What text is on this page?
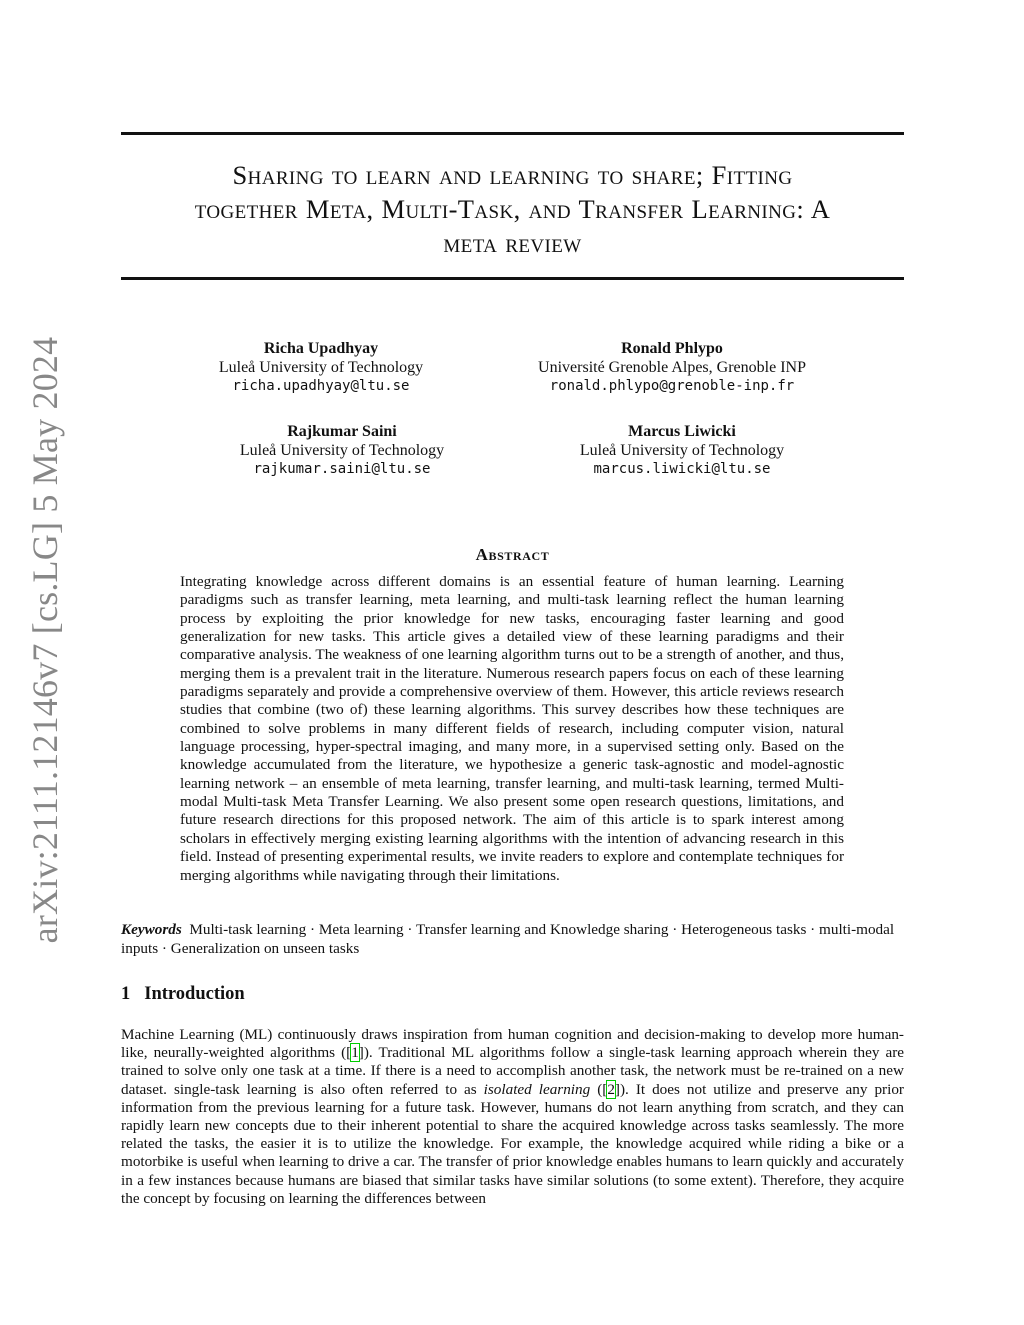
arXiv:2111.12146v7 [cs.LG] 5 May 2024
Sharing to learn and learning to share; Fitting
together Meta, Multi-Task, and Transfer Learning: A
meta review
Richa Upadhyay
Luleå University of Technology
richa.upadhyay@ltu.se
Ronald Phlypo
Université Grenoble Alpes, Grenoble INP
ronald.phlypo@grenoble-inp.fr
Rajkumar Saini
Luleå University of Technology
rajkumar.saini@ltu.se
Marcus Liwicki
Luleå University of Technology
marcus.liwicki@ltu.se
Abstract
Integrating knowledge across different domains is an essential feature of human learning. Learning paradigms such as transfer learning, meta learning, and multi-task learning reflect the human learning process by exploiting the prior knowledge for new tasks, encouraging faster learning and good generalization for new tasks. This article gives a detailed view of these learning paradigms and their comparative analysis. The weakness of one learning algorithm turns out to be a strength of another, and thus, merging them is a prevalent trait in the literature. Numerous research papers focus on each of these learning paradigms separately and provide a comprehensive overview of them. However, this article reviews research studies that combine (two of) these learning algorithms. This survey describes how these techniques are combined to solve problems in many different fields of research, including computer vision, natural language processing, hyper-spectral imaging, and many more, in a supervised setting only. Based on the knowledge accumulated from the literature, we hypothesize a generic task-agnostic and model-agnostic learning network – an ensemble of meta learning, transfer learning, and multi-task learning, termed Multi-modal Multi-task Meta Transfer Learning. We also present some open research questions, limitations, and future research directions for this proposed network. The aim of this article is to spark interest among scholars in effectively merging existing learning algorithms with the intention of advancing research in this field. Instead of presenting experimental results, we invite readers to explore and contemplate techniques for merging algorithms while navigating through their limitations.
Keywords Multi-task learning · Meta learning · Transfer learning and Knowledge sharing · Heterogeneous tasks · multi-modal inputs · Generalization on unseen tasks
1 Introduction
Machine Learning (ML) continuously draws inspiration from human cognition and decision-making to develop more human-like, neurally-weighted algorithms ([1]). Traditional ML algorithms follow a single-task learning approach wherein they are trained to solve only one task at a time. If there is a need to accomplish another task, the network must be re-trained on a new dataset. single-task learning is also often referred to as isolated learning ([2]). It does not utilize and preserve any prior information from the previous learning for a future task. However, humans do not learn anything from scratch, and they can rapidly learn new concepts due to their inherent potential to share the acquired knowledge across tasks seamlessly. The more related the tasks, the easier it is to utilize the knowledge. For example, the knowledge acquired while riding a bike or a motorbike is useful when learning to drive a car. The transfer of prior knowledge enables humans to learn quickly and accurately in a few instances because humans are biased that similar tasks have similar solutions (to some extent). Therefore, they acquire the concept by focusing on learning the differences between
